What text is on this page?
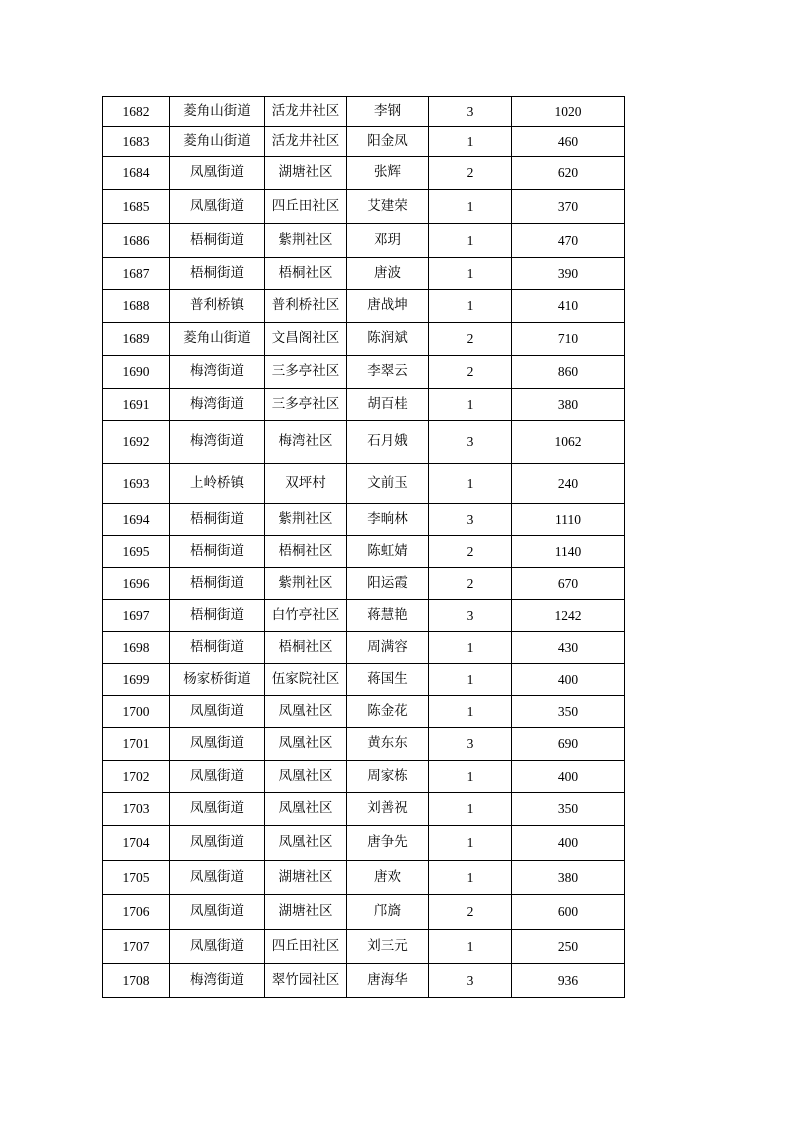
1682	菱角山街道	活龙井社区	李钢	3	1020
1683	菱角山街道	活龙井社区	阳金凤	1	460
1684	凤凰街道	湖塘社区	张辉	2	620
1685	凤凰街道	四丘田社区	艾建荣	1	370
1686	梧桐街道	紫荆社区	邓玥	1	470
1687	梧桐街道	梧桐社区	唐波	1	390
1688	普利桥镇	普利桥社区	唐战坤	1	410
1689	菱角山街道	文昌阁社区	陈润斌	2	710
1690	梅湾街道	三多亭社区	李翠云	2	860
1691	梅湾街道	三多亭社区	胡百桂	1	380
1692	梅湾街道	梅湾社区	石月娥	3	1062
1693	上岭桥镇	双坪村	文前玉	1	240
1694	梧桐街道	紫荆社区	李晌林	3	1110
1695	梧桐街道	梧桐社区	陈虹婧	2	1140
1696	梧桐街道	紫荆社区	阳运霞	2	670
1697	梧桐街道	白竹亭社区	蒋慧艳	3	1242
1698	梧桐街道	梧桐社区	周满容	1	430
1699	杨家桥街道	伍家院社区	蒋国生	1	400
1700	凤凰街道	凤凰社区	陈金花	1	350
1701	凤凰街道	凤凰社区	黄东东	3	690
1702	凤凰街道	凤凰社区	周家栋	1	400
1703	凤凰街道	凤凰社区	刘善祝	1	350
1704	凤凰街道	凤凰社区	唐争先	1	400
1705	凤凰街道	湖塘社区	唐欢	1	380
1706	凤凰街道	湖塘社区	邝旖	2	600
1707	凤凰街道	四丘田社区	刘三元	1	250
1708	梅湾街道	翠竹园社区	唐海华	3	936
